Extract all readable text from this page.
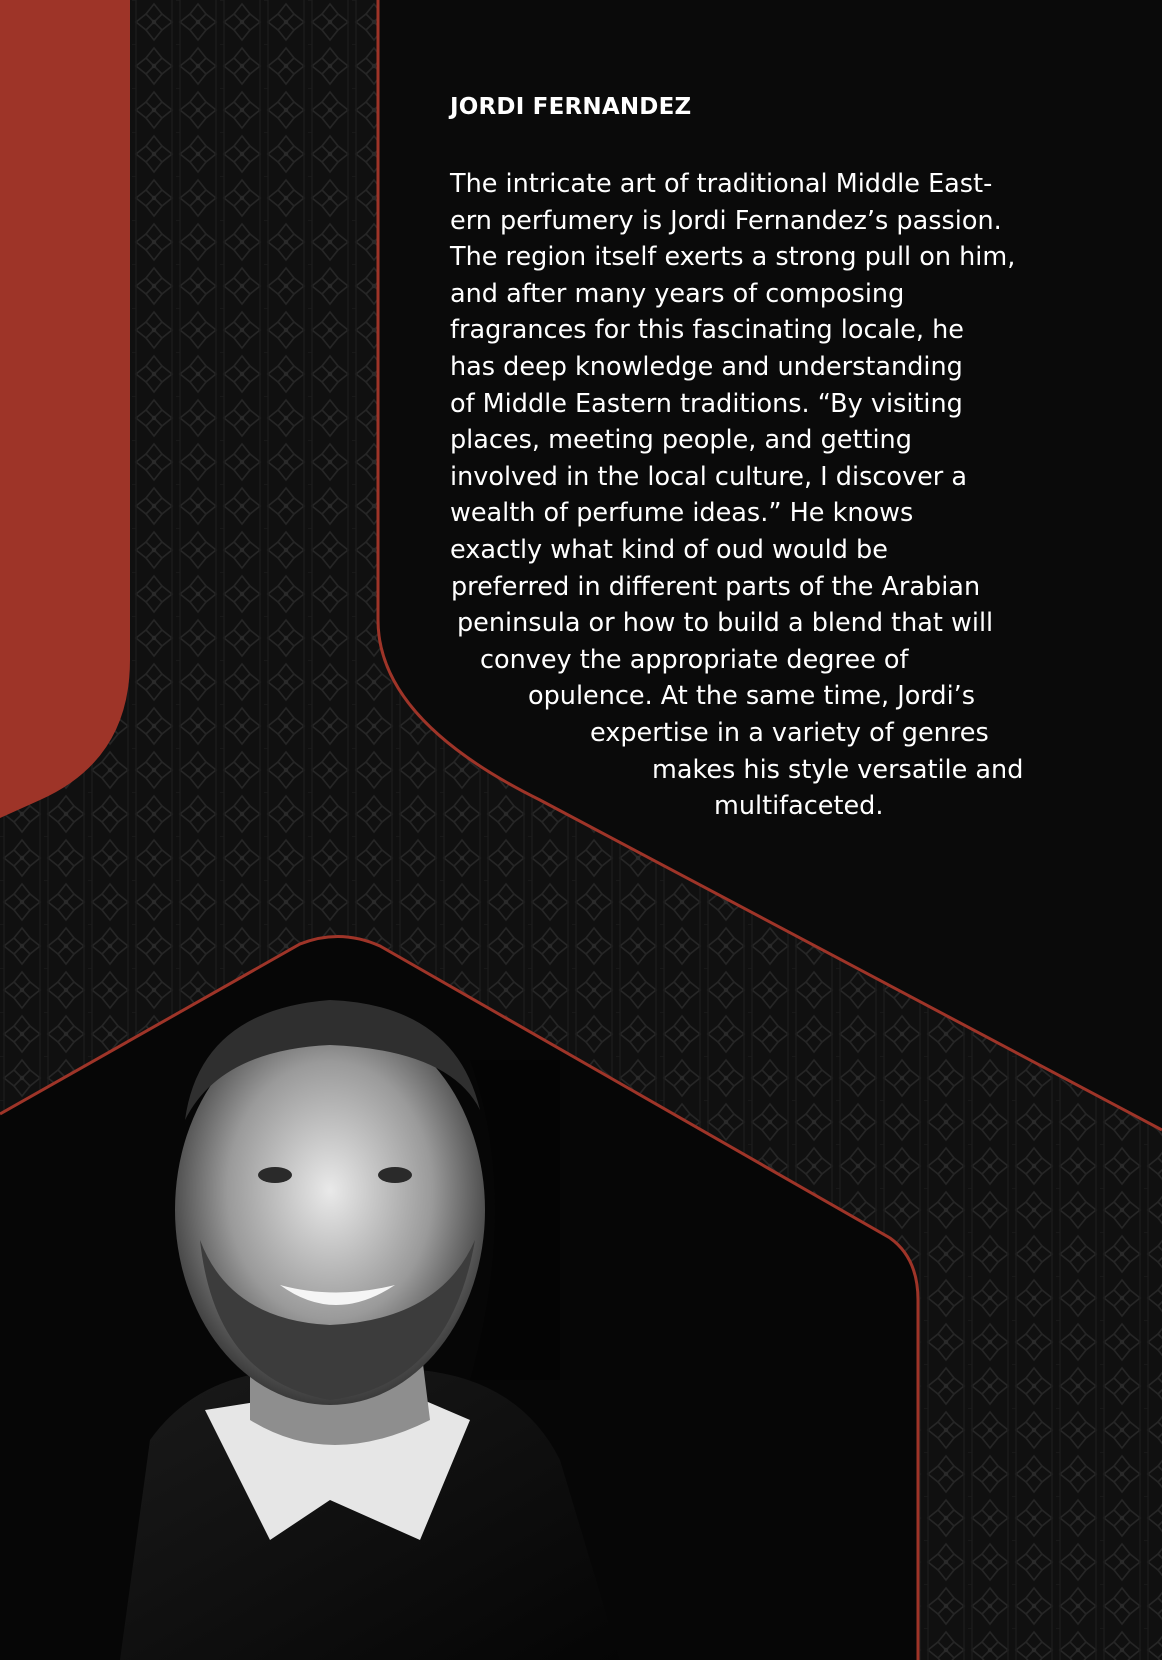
JORDI FERNANDEZ

The intricate art of traditional Middle East-
ern perfumery is Jordi Fernandez’s passion.
The region itself exerts a strong pull on him,
and after many years of composing
fragrances for this fascinating locale, he
has deep knowledge and understanding
of Middle Eastern traditions. “By visiting
places, meeting people, and getting
involved in the local culture, I discover a
wealth of perfume ideas.” He knows
exactly what kind of oud would be
preferred in different parts of the Arabian
peninsula or how to build a blend that will
convey the appropriate degree of
opulence. At the same time, Jordi’s
expertise in a variety of genres
makes his style versatile and
multifaceted.
